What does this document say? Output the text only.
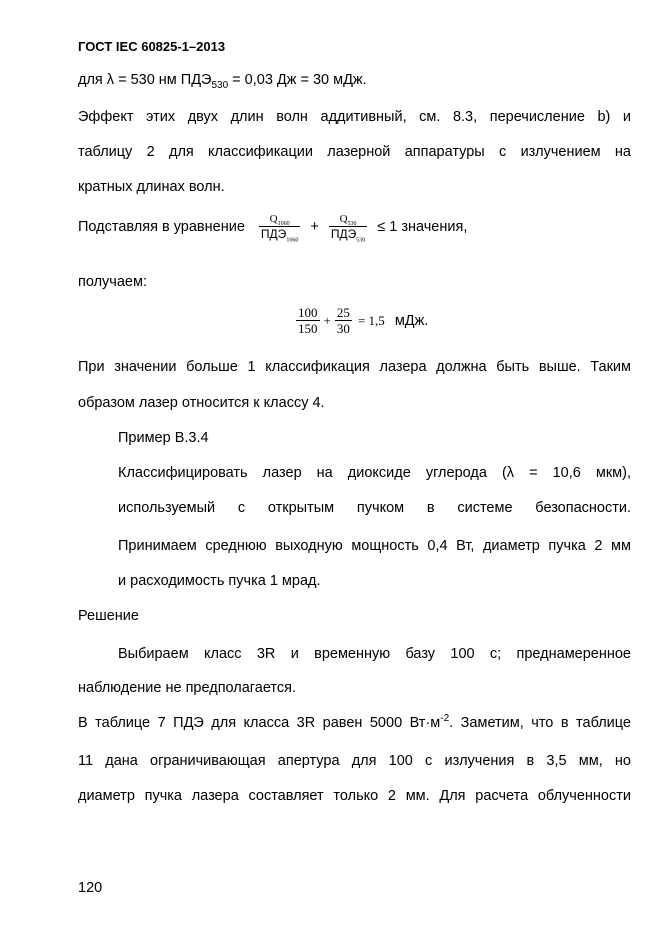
ГОСТ IEC 60825-1–2013
для λ = 530 нм $ПДЭ_{530} = 0,03$ Дж = 30 мДж.
Эффект этих двух длин волн аддитивный, см. 8.3, перечисление b) и
таблицу 2 для классификации лазерной аппаратуры с излучением на
кратных длинах волн.
Подставляя в уравнение $\frac{Q_{1060}}{ПДЭ_{1060}} + \frac{Q_{530}}{ПДЭ_{530}} \le 1$ значения,
получаем:
$\frac{100}{150} + \frac{25}{30} = 1,5$ мДж.
При значении больше 1 классификация лазера должна быть выше. Таким
образом лазер относится к классу 4.
Пример В.3.4
Классифицировать лазер на диоксиде углерода (λ = 10,6 мкм),
используемый с открытым пучком в системе безопасности.
Принимаем среднюю выходную мощность 0,4 Вт, диаметр пучка 2 мм
и расходимость пучка 1 мрад.
Решение
Выбираем класс 3R и временную базу 100 с; преднамеренное
наблюдение не предполагается.
В таблице 7 ПДЭ для класса 3R равен 5000 $Вт\cdot м^{-2}$. Заметим, что в таблице
11 дана ограничивающая апертура для 100 с излучения в 3,5 мм, но
диаметр пучка лазера составляет только 2 мм. Для расчета облученности
120
